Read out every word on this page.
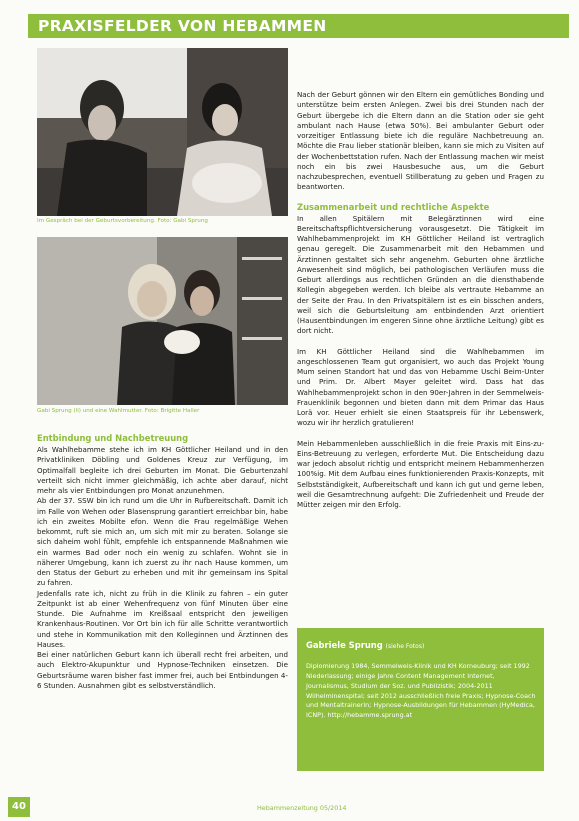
PRAXISFELDER VON HEBAMMEN
Im Gespräch bei der Geburtsvorbereitung. Foto: Gabi Sprung
Gabi Sprung (li) und eine Wahlmutter. Foto: Brigitte Haller
Entbindung und Nachbetreuung

Als Wahlhebamme stehe ich im KH Göttlicher Heiland und in den Privatkliniken Döbling und Goldenes Kreuz zur Verfügung, im Optimalfall begleite ich drei Geburten im Monat. Die Geburtenzahl verteilt sich nicht immer gleichmäßig, ich achte aber darauf, nicht mehr als vier Entbindungen pro Monat anzunehmen.

Ab der 37. SSW bin ich rund um die Uhr in Rufbereitschaft. Damit ich im Falle von Wehen oder Blasensprung garantiert erreichbar bin, habe ich ein zweites Mobilte efon. Wenn die Frau regelmäßige Wehen bekommt, ruft sie mich an, um sich mit mir zu beraten. Solange sie sich daheim wohl fühlt, empfehle ich entspannende Maßnahmen wie ein warmes Bad oder noch ein wenig zu schlafen. Wohnt sie in näherer Umgebung, kann ich zuerst zu ihr nach Hause kommen, um den Status der Geburt zu erheben und mit ihr gemeinsam ins Spital zu fahren.

Jedenfalls rate ich, nicht zu früh in die Klinik zu fahren – ein guter Zeitpunkt ist ab einer Wehenfrequenz von fünf Minuten über eine Stunde. Die Aufnahme im Kreißsaal entspricht den jeweiligen Krankenhaus-Routinen. Vor Ort bin ich für alle Schritte verantwortlich und stehe in Kommunikation mit den Kolleginnen und Ärztinnen des Hauses.

Bei einer natürlichen Geburt kann ich überall recht frei arbeiten, und auch Elektro-Akupunktur und Hypnose-Techniken einsetzen. Die Geburtsräume waren bisher fast immer frei, auch bei Entbindungen 4-6 Stunden. Ausnahmen gibt es selbstverständlich.

Nach der Geburt gönnen wir den Eltern ein gemütliches Bonding und unterstütze beim ersten Anlegen. Zwei bis drei Stunden nach der Geburt übergebe ich die Eltern dann an die Station oder sie geht ambulant nach Hause (etwa 50%). Bei ambulanter Geburt oder vorzeitiger Entlassung biete ich die reguläre Nachbetreuung an. Möchte die Frau lieber stationär bleiben, kann sie mich zu Visiten auf der Wochenbettstation rufen. Nach der Entlassung machen wir meist noch ein bis zwei Hausbesuche aus, um die Geburt nachzubesprechen, eventuell Stillberatung zu geben und Fragen zu beantworten.

Zusammenarbeit und rechtliche Aspekte

In allen Spitälern mit Belegärztinnen wird eine Bereitschaftspflichtversicherung vorausgesetzt. Die Tätigkeit im Wahlhebammenprojekt im KH Göttlicher Heiland ist vertraglich genau geregelt. Die Zusammenarbeit mit den Hebammen und Ärztinnen gestaltet sich sehr angenehm. Geburten ohne ärztliche Anwesenheit sind möglich, bei pathologischen Verläufen muss die Geburt allerdings aus rechtlichen Gründen an die diensthabende Kollegin abgegeben werden. Ich bleibe als vertraute Hebamme an der Seite der Frau. In den Privatspitälern ist es ein bisschen anders, weil sich die Geburtsleitung am entbindenden Arzt orientiert (Hausentbindungen im engeren Sinne ohne ärztliche Leitung) gibt es dort nicht.

Im KH Göttlicher Heiland sind die Wahlhebammen im angeschlossenen Team gut organisiert, wo auch das Projekt Young Mum seinen Standort hat und das von Hebamme Uschi Beim-Unter und Prim. Dr. Albert Mayer geleitet wird. Dass hat das Wahlhebammenprojekt schon in den 90er-Jahren in der Semmelweis-Frauenklinik begonnen und bieten dann mit dem Primar das Haus Lorä vor. Heuer erhielt sie einen Staatspreis für ihr Lebenswerk, wozu wir ihr herzlich gratulieren!

Mein Hebammenleben ausschließlich in die freie Praxis mit Eins-zu-Eins-Betreuung zu verlegen, erforderte Mut. Die Entscheidung dazu war jedoch absolut richtig und entspricht meinem Hebammenherzen 100%ig. Mit dem Aufbau eines funktionierenden Praxis-Konzepts, mit Selbstständigkeit, Aufbereitschaft und kann ich gut und gerne leben, weil die Gesamtrechnung aufgeht: Die Zufriedenheit und Freude der Mütter zeigen mir den Erfolg.

Gabriele Sprung (siehe Fotos)

Diplomierung 1984, Semmelweis-Klinik und KH Korneuburg; seit 1992 Niederlassung; einige Jahre Content Management Internet, Journalismus, Studium der Soz. und Publizistik; 2004-2011 Wilhelminenspital; seit 2012 ausschließlich freie Praxis; Hypnose-Coach und Mentaltrainerin; Hypnose-Ausbildungen für Hebammen (HyMedica, ICNP). http://hebamme.sprung.at

40	Hebammenzeitung 05/2014
